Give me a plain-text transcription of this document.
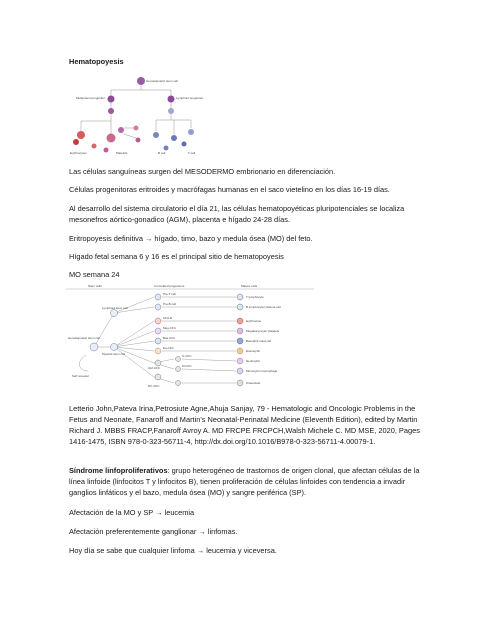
Hematopoyesis
Hematopoietic stem cell
Multipotent progenitor	Lymphoid progenitor
Erythrocytes	Platelets	B cell	T cell
Las células sanguíneas surgen del MESODERMO embrionario en diferenciación.
Células progenitoras eritroides y macrófagas humanas en el saco vietelino en los días 16-19 días.
Al desarrollo del sistema circulatorio el día 21, las células hematopoyéticas pluripotenciales se localiza mesonefros aórtico-gonadico (AGM), placenta e hígado 24-28 días.
Eritropoyesis definitiva → hígado, timo, bazo y medula ósea (MO) del feto.
Hígado fetal semana 6 y 16 es el principal sitio de hematopoyesis
MO semana 24
Stem cells	Committed progenitors	Mature cells
Lymphoid stem cell
Hematopoietic stem cell
Myeloid stem cell
Self renewal
Pre-T cell
Pre-B cell
CFU-E
Meg-CFC
Bas-CFC
Eo-CFC
GM-CFC
G-CFC
M-CFC
DC-CFC
T lymphocyte
B lymphocyte/ plasma cell
Erythrocyte
Megakaryocyte/ platelets
Basophil/ mast cell
Eosinophil
Neutrophil
Monocyte/ macrophage
Osteoclast
Letterio John,Pateva Irina,Petrosiute Agne,Ahuja Sanjay, 79 - Hematologic and Oncologic Problems in the Fetus and Neonate, Fanaroff and Martin's Neonatal-Perinatal Medicine (Eleventh Edition), edited by Martin Richard J. MBBS FRACP,Fanaroff Avroy A. MD FRCPE FRCPCH,Walsh Michele C. MD MSE, 2020, Pages 1416-1475, ISBN 978-0-323-56711-4, http://dx.doi.org/10.1016/B978-0-323-56711-4.00079-1.
Síndrome linfoproliferativos: grupo heterogéneo de trastornos de origen clonal, que afectan células de la línea linfoide (linfocitos T y linfocitos B), tienen proliferación de células linfoides con tendencia a invadir ganglios linfáticos y el bazo, medula ósea (MO) y sangre periférica (SP).
Afectación de la MO y SP → leucemia
Afectación preferentemente ganglionar → linfomas.
Hoy día se sabe que cualquier linfoma → leucemia y viceversa.
